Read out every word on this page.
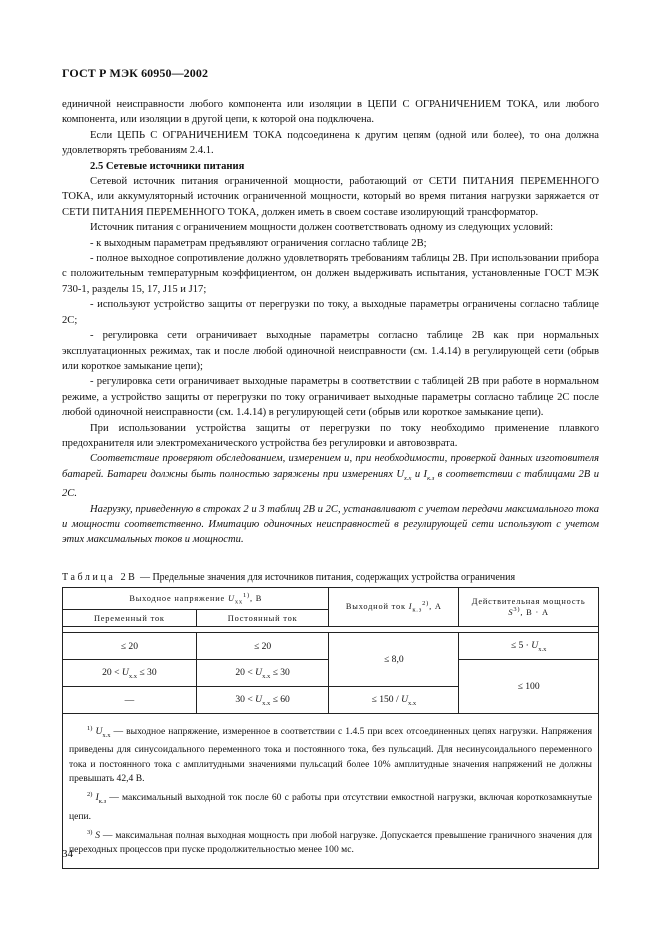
ГОСТ Р МЭК 60950—2002

единичной неисправности любого компонента или изоляции в ЦЕПИ С ОГРАНИЧЕНИЕМ ТОКА, или любого компонента, или изоляции в другой цепи, к которой она подключена.

Если ЦЕПЬ С ОГРАНИЧЕНИЕМ ТОКА подсоединена к другим цепям (одной или более), то она должна удовлетворять требованиям 2.4.1.

2.5 Сетевые источники питания

Сетевой источник питания ограниченной мощности, работающий от СЕТИ ПИТАНИЯ ПЕРЕМЕННОГО ТОКА, или аккумуляторный источник ограниченной мощности, который во время питания нагрузки заряжается от СЕТИ ПИТАНИЯ ПЕРЕМЕННОГО ТОКА, должен иметь в своем составе изолирующий трансформатор.

Источник питания с ограничением мощности должен соответствовать одному из следующих условий:

- к выходным параметрам предъявляют ограничения согласно таблице 2В;

- полное выходное сопротивление должно удовлетворять требованиям таблицы 2В. При использовании прибора с положительным температурным коэффициентом, он должен выдерживать испытания, установленные ГОСТ МЭК 730-1, разделы 15, 17, J15 и J17;

- используют устройство защиты от перегрузки по току, а выходные параметры ограничены согласно таблице 2С;

- регулировка сети ограничивает выходные параметры согласно таблице 2В как при нормальных эксплуатационных режимах, так и после любой одиночной неисправности (см. 1.4.14) в регулирующей сети (обрыв или короткое замыкание цепи);

- регулировка сети ограничивает выходные параметры в соответствии с таблицей 2В при работе в нормальном режиме, а устройство защиты от перегрузки по току ограничивает выходные параметры согласно таблице 2С после любой одиночной неисправности (см. 1.4.14) в регулирующей сети (обрыв или короткое замыкание цепи).

При использовании устройства защиты от перегрузки по току необходимо применение плавкого предохранителя или электромеханического устройства без регулировки и автовозврата.

Соответствие проверяют обследованием, измерением и, при необходимости, проверкой данных изготовителя батарей. Батареи должны быть полностью заряжены при измерениях $U_{х.х}$ и $I_{к.з}$ в соответствии с таблицами 2В и 2С.

Нагрузку, приведенную в строках 2 и 3 таблиц 2В и 2С, устанавливают с учетом передачи максимального тока и мощности соответственно. Имитацию одиночных неисправностей в регулирующей сети используют с учетом этих максимальных токов и мощности.

Таблица 2В — Предельные значения для источников питания, содержащих устройства ограничения
Выходное напряжение $U_{хх}^{1)}$, В		Выходной ток $I_{к.з}^{2)}$, А	Действительная мощность
$S^{3)}$, В · А
Переменный ток	Постоянный ток		

≤ 20	≤ 20	≤ 8,0	≤ $5 \cdot U_{х.х}$
$20 < U_{х.х} \le 30$	$20 < U_{х.х} \le 30$		≤ 100
—	$30 < U_{х.х} \le 60$	≤ $150 / U_{х.х}$

$^{1)}$ $U_{х.х}$ — выходное напряжение, измеренное в соответствии с 1.4.5 при всех отсоединенных цепях нагрузки. Напряжения приведены для синусоидального переменного тока и постоянного тока, без пульсаций. Для несинусоидального переменного тока и постоянного тока с амплитудными значениями пульсаций более 10% амплитудные значения напряжений не должны превышать 42,4 В.

$^{2)}$ $I_{к.з}$ — максимальный выходной ток после 60 с работы при отсутствии емкостной нагрузки, включая короткозамкнутые цепи.

$^{3)}$ S — максимальная полная выходная мощность при любой нагрузке. Допускается превышение граничного значения для переходных процессов при пуске продолжительностью менее 100 мс.			

34
